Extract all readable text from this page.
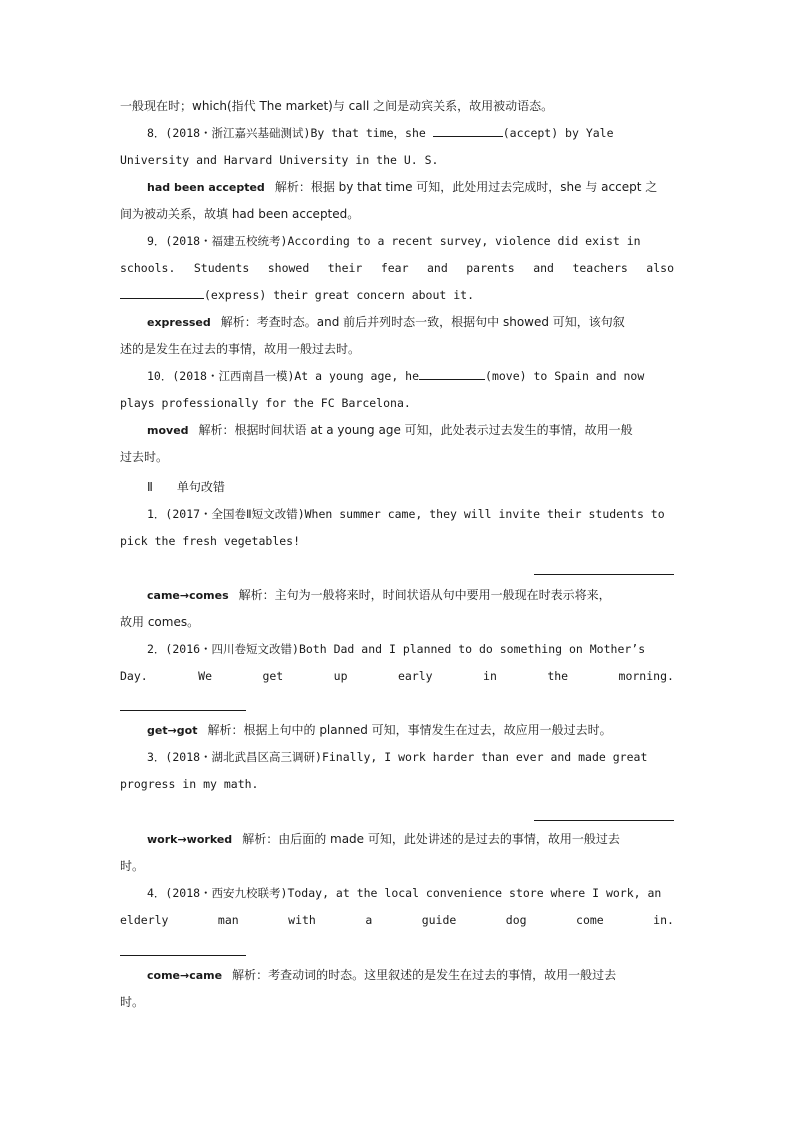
一般现在时；which(指代 The market)与 call 之间是动宾关系，故用被动语态。
8．(2018・浙江嘉兴基础测试)By that time，she	(accept) by Yale
University and Harvard University in the U. S.
had been accepted 解析：根据 by that time 可知，此处用过去完成时，she 与 accept 之
间为被动关系，故填 had been accepted。
9．(2018・福建五校统考)According to a recent survey, violence did exist in
schools. Students showed their fear and parents and teachers also
(express) their great concern about it.
expressed 解析：考查时态。and 前后并列时态一致，根据句中 showed 可知，该句叙
述的是发生在过去的事情，故用一般过去时。
10．(2018・江西南昌一模)At a young age, he	(move) to Spain and now
plays professionally for the FC Barcelona.
moved 解析：根据时间状语 at a young age 可知，此处表示过去发生的事情，故用一般
过去时。
Ⅱ　　单句改错
1．(2017・全国卷Ⅱ短文改错)When summer came, they will invite their students to
pick the fresh vegetables!
came→comes 解析：主句为一般将来时，时间状语从句中要用一般现在时表示将来，
故用 comes。
2．(2016・四川卷短文改错)Both Dad and I planned to do something on Mother’s
Day.	We	get	up	early	in	the	morning.
get→got 解析：根据上句中的 planned 可知，事情发生在过去，故应用一般过去时。
3．(2018・湖北武昌区高三调研)Finally, I work harder than ever and made great
progress in my math.
work→worked 解析：由后面的 made 可知，此处讲述的是过去的事情，故用一般过去
时。
4．(2018・西安九校联考)Today, at the local convenience store where I work, an
elderly	man	with	a	guide	dog	come	in.
come→came 解析：考查动词的时态。这里叙述的是发生在过去的事情，故用一般过去
时。
